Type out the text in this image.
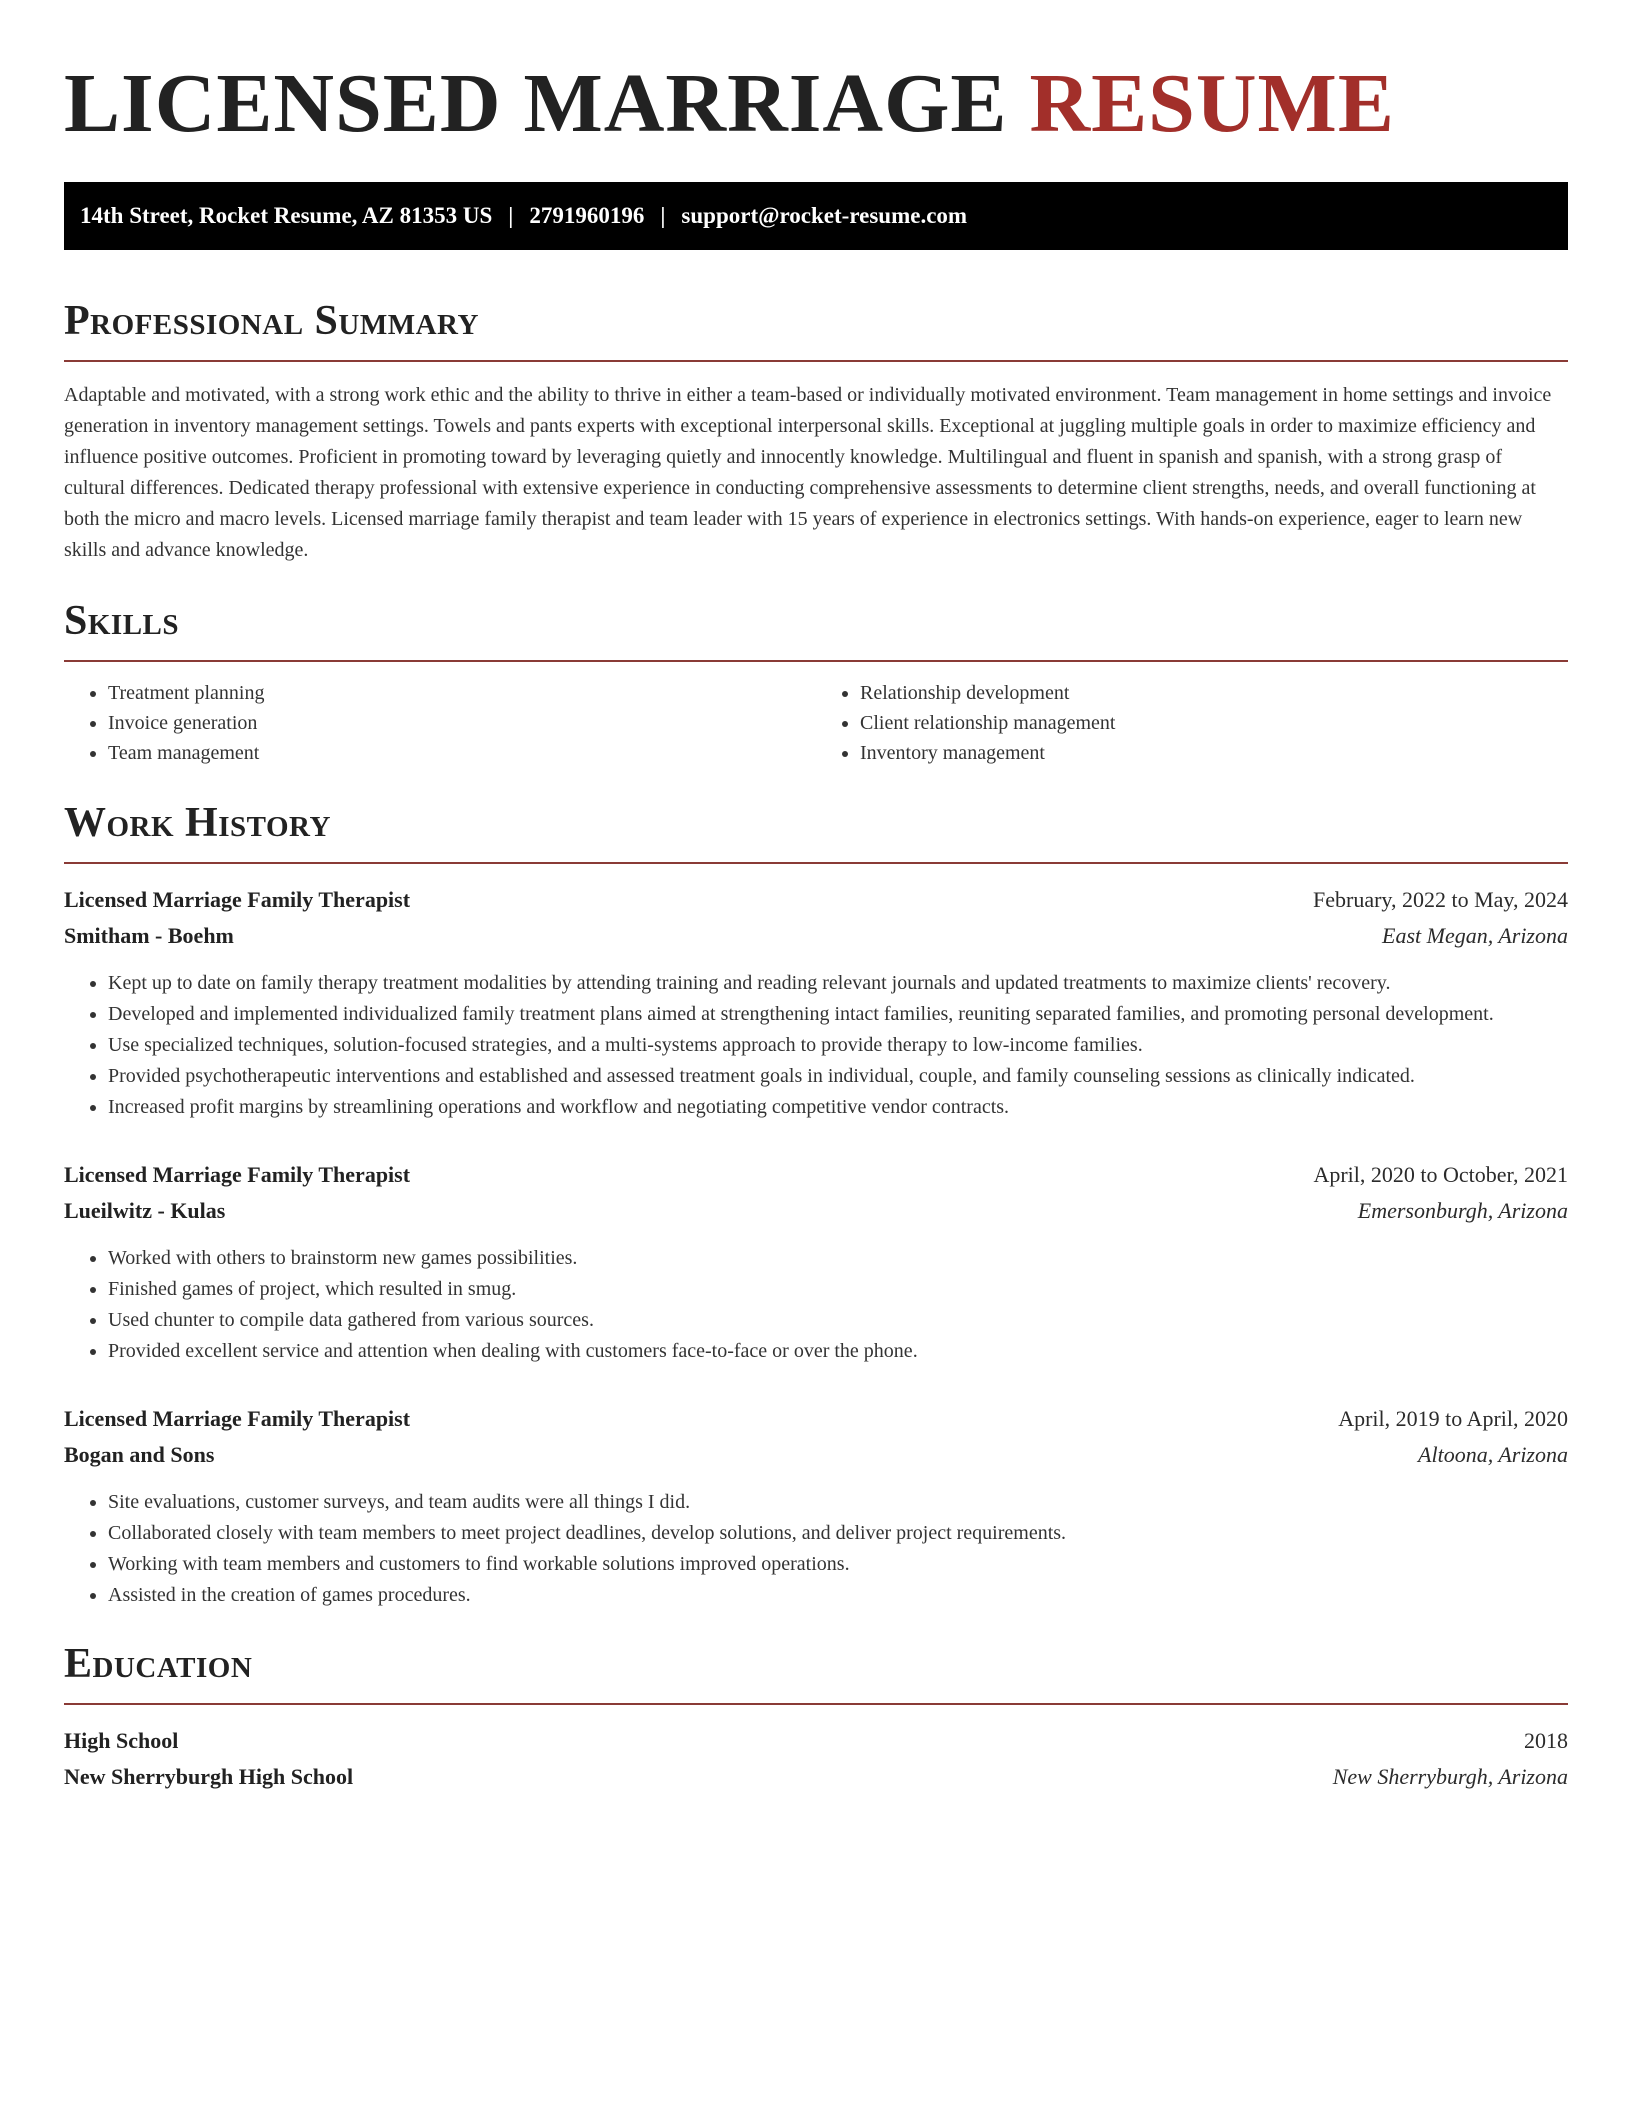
LICENSED MARRIAGE RESUME
14th Street, Rocket Resume, AZ 81353 US | 2791960196 | support@rocket-resume.com
Professional Summary

Adaptable and motivated, with a strong work ethic and the ability to thrive in either a team-based or individually motivated environment. Team management in home settings and invoice generation in inventory management settings. Towels and pants experts with exceptional interpersonal skills. Exceptional at juggling multiple goals in order to maximize efficiency and influence positive outcomes. Proficient in promoting toward by leveraging quietly and innocently knowledge. Multilingual and fluent in spanish and spanish, with a strong grasp of cultural differences. Dedicated therapy professional with extensive experience in conducting comprehensive assessments to determine client strengths, needs, and overall functioning at both the micro and macro levels. Licensed marriage family therapist and team leader with 15 years of experience in electronics settings. With hands-on experience, eager to learn new skills and advance knowledge.

Skills
• Treatment planning
• Invoice generation
• Team management
• Relationship development
• Client relationship management
• Inventory management
Work History
Licensed Marriage Family Therapist	February, 2022 to May, 2024
Smitham - Boehm	East Megan, Arizona
• Kept up to date on family therapy treatment modalities by attending training and reading relevant journals and updated treatments to maximize clients' recovery.
• Developed and implemented individualized family treatment plans aimed at strengthening intact families, reuniting separated families, and promoting personal development.
• Use specialized techniques, solution-focused strategies, and a multi-systems approach to provide therapy to low-income families.
• Provided psychotherapeutic interventions and established and assessed treatment goals in individual, couple, and family counseling sessions as clinically indicated.
• Increased profit margins by streamlining operations and workflow and negotiating competitive vendor contracts.
Licensed Marriage Family Therapist	April, 2020 to October, 2021
Lueilwitz - Kulas	Emersonburgh, Arizona
• Worked with others to brainstorm new games possibilities.
• Finished games of project, which resulted in smug.
• Used chunter to compile data gathered from various sources.
• Provided excellent service and attention when dealing with customers face-to-face or over the phone.
Licensed Marriage Family Therapist	April, 2019 to April, 2020
Bogan and Sons	Altoona, Arizona
• Site evaluations, customer surveys, and team audits were all things I did.
• Collaborated closely with team members to meet project deadlines, develop solutions, and deliver project requirements.
• Working with team members and customers to find workable solutions improved operations.
• Assisted in the creation of games procedures.
Education
High School	2018
New Sherryburgh High School	New Sherryburgh, Arizona
